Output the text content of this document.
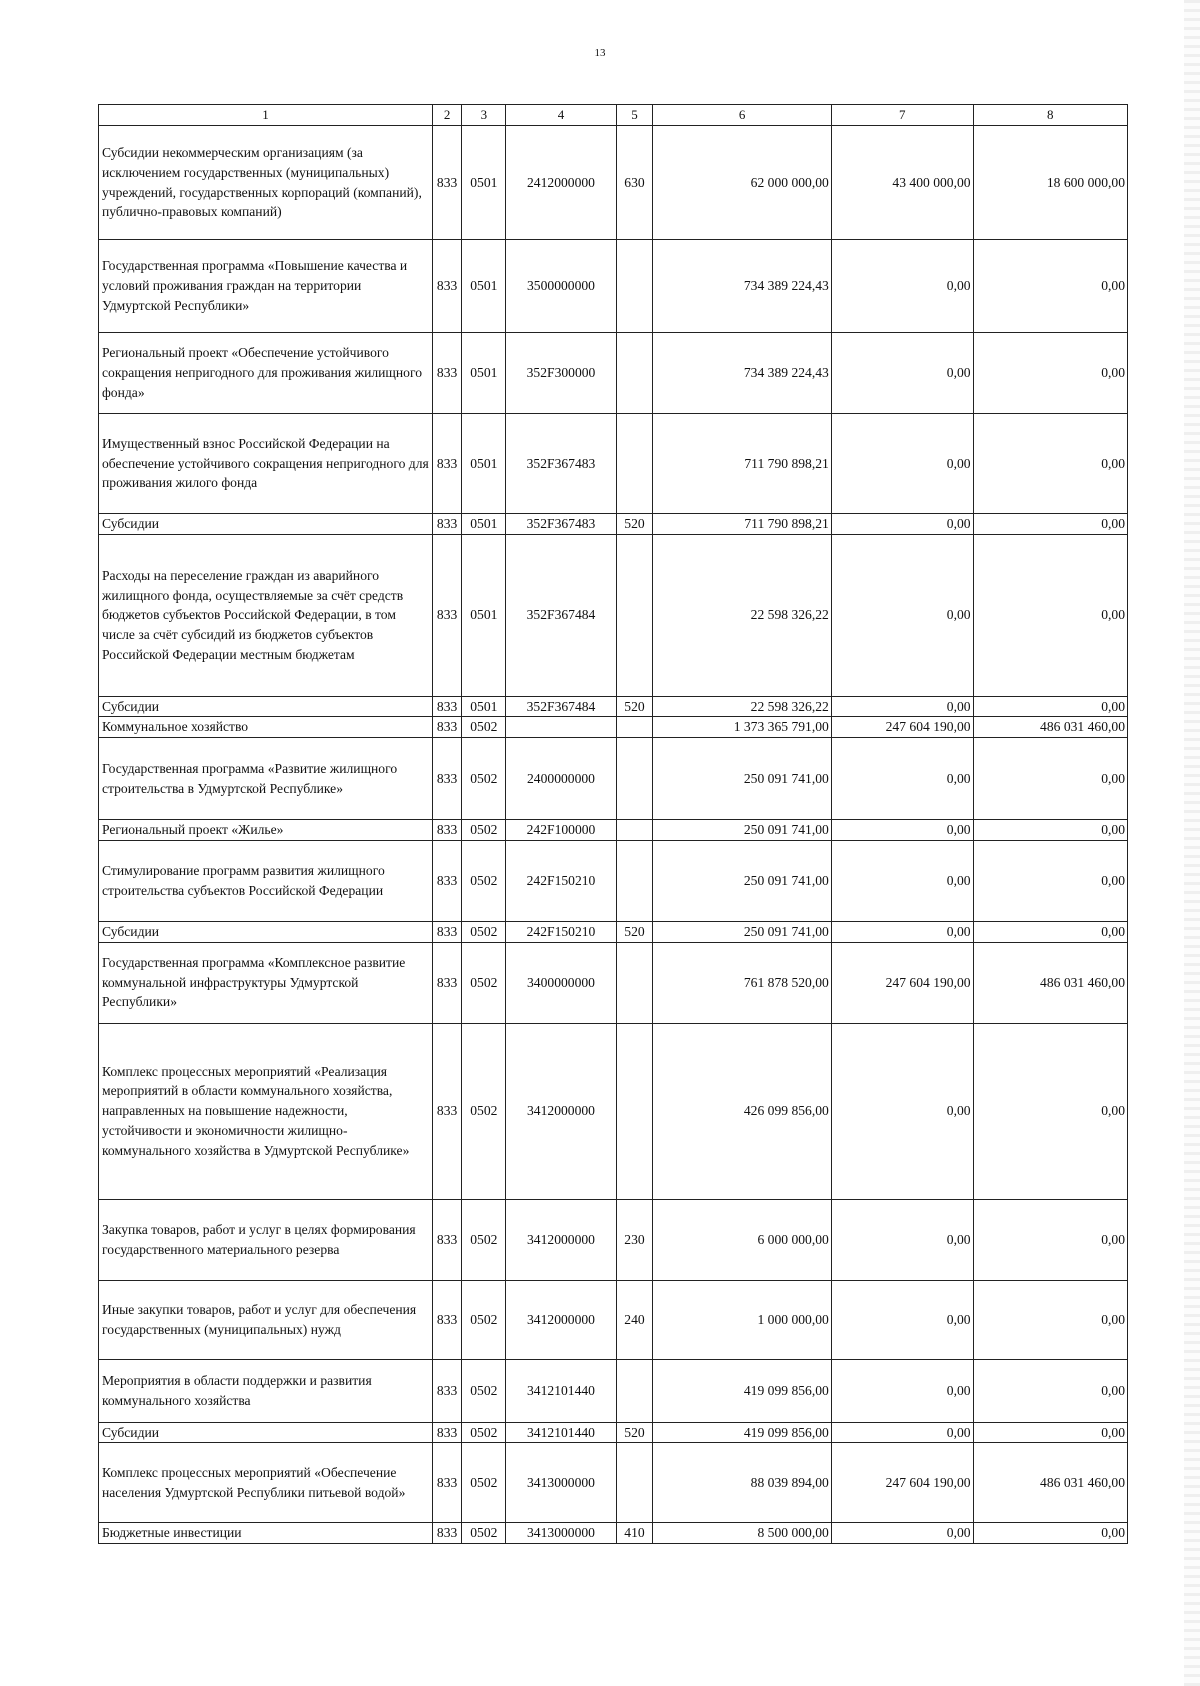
13
1	2	3	4	5	6	7	8
Субсидии некоммерческим организациям (за исключением государственных (муниципальных) учреждений, государственных корпораций (компаний), публично-правовых компаний)	833	0501	2412000000	630	62 000 000,00	43 400 000,00	18 600 000,00
Государственная программа «Повышение качества и условий проживания граждан на территории Удмуртской Республики»	833	0501	3500000000		734 389 224,43	0,00	0,00
Региональный проект «Обеспечение устойчивого сокращения непригодного для проживания жилищного фонда»	833	0501	352F300000		734 389 224,43	0,00	0,00
Имущественный взнос Российской Федерации на обеспечение устойчивого сокращения непригодного для проживания жилого фонда	833	0501	352F367483		711 790 898,21	0,00	0,00
Субсидии	833	0501	352F367483	520	711 790 898,21	0,00	0,00
Расходы на переселение граждан из аварийного жилищного фонда, осуществляемые за счёт средств бюджетов субъектов Российской Федерации, в том числе за счёт субсидий из бюджетов субъектов Российской Федерации местным бюджетам	833	0501	352F367484		22 598 326,22	0,00	0,00
Субсидии	833	0501	352F367484	520	22 598 326,22	0,00	0,00
Коммунальное хозяйство	833	0502			1 373 365 791,00	247 604 190,00	486 031 460,00
Государственная программа «Развитие жилищного строительства в Удмуртской Республике»	833	0502	2400000000		250 091 741,00	0,00	0,00
Региональный проект «Жилье»	833	0502	242F100000		250 091 741,00	0,00	0,00
Стимулирование программ развития жилищного строительства субъектов Российской Федерации	833	0502	242F150210		250 091 741,00	0,00	0,00
Субсидии	833	0502	242F150210	520	250 091 741,00	0,00	0,00
Государственная программа «Комплексное развитие коммунальной инфраструктуры Удмуртской Республики»	833	0502	3400000000		761 878 520,00	247 604 190,00	486 031 460,00
Комплекс процессных мероприятий «Реализация мероприятий в области коммунального хозяйства, направленных на повышение надежности, устойчивости и экономичности жилищно-коммунального хозяйства в Удмуртской Республике»	833	0502	3412000000		426 099 856,00	0,00	0,00
Закупка товаров, работ и услуг в целях формирования государственного материального резерва	833	0502	3412000000	230	6 000 000,00	0,00	0,00
Иные закупки товаров, работ и услуг для обеспечения государственных (муниципальных) нужд	833	0502	3412000000	240	1 000 000,00	0,00	0,00
Мероприятия в области поддержки и развития коммунального хозяйства	833	0502	3412101440		419 099 856,00	0,00	0,00
Субсидии	833	0502	3412101440	520	419 099 856,00	0,00	0,00
Комплекс процессных мероприятий «Обеспечение населения Удмуртской Республики питьевой водой»	833	0502	3413000000		88 039 894,00	247 604 190,00	486 031 460,00
Бюджетные инвестиции	833	0502	3413000000	410	8 500 000,00	0,00	0,00
